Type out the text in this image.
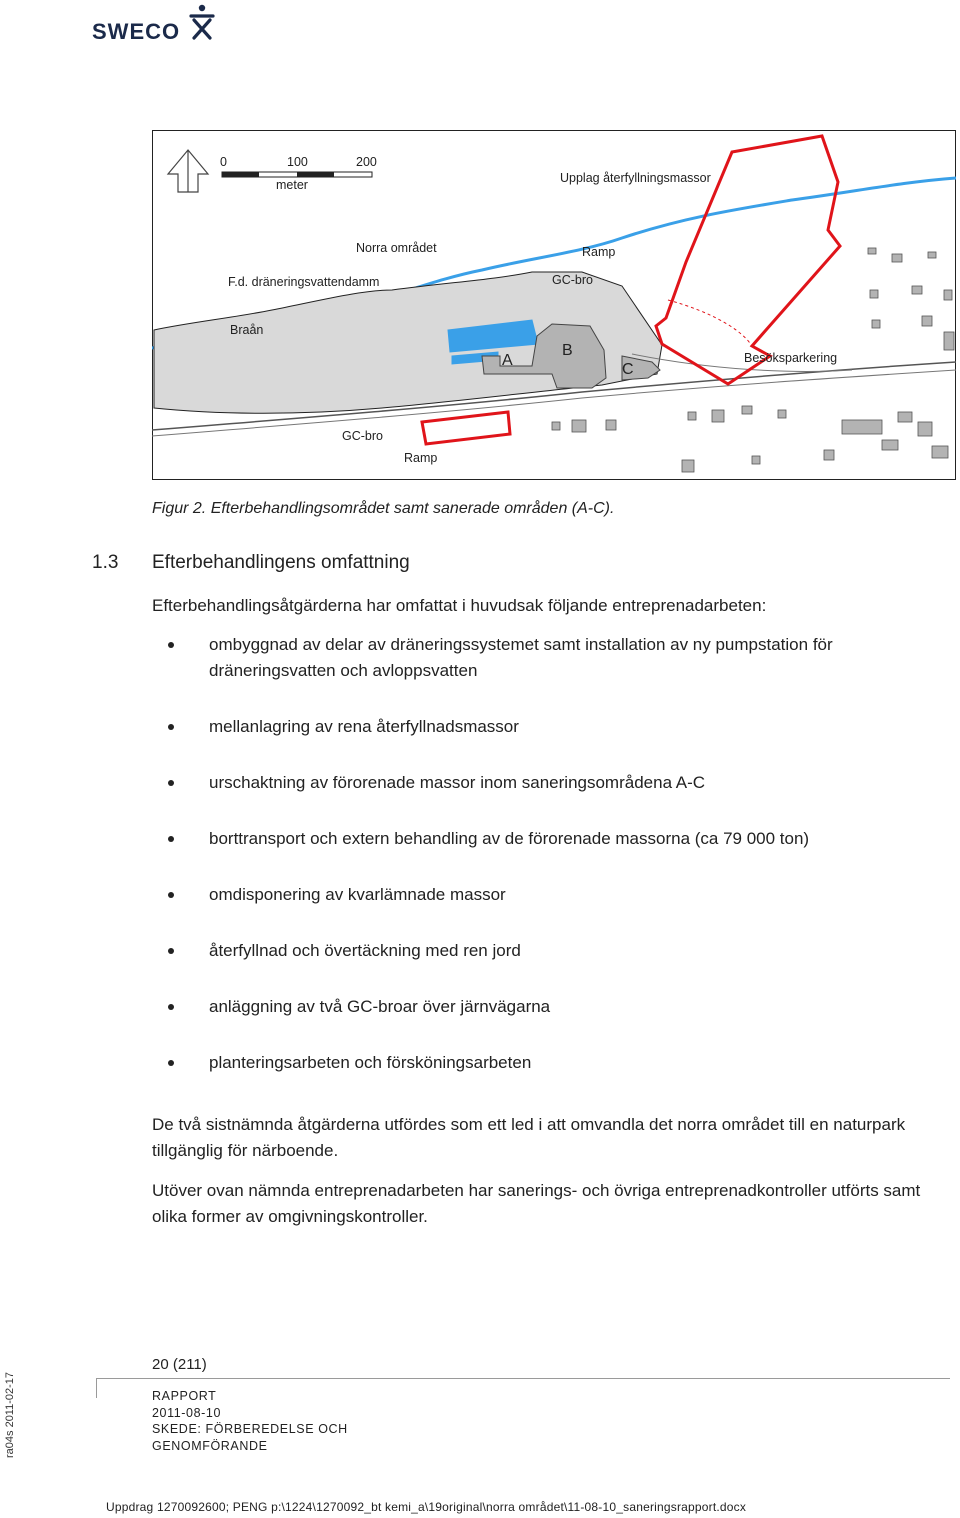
SWECO
0	100	200
meter
A
B
C
Upplag återfyllningsmassor
Norra området	Ramp
F.d. dräneringsvattendamm	GC-bro
Braån
Besöksparkering
GC-bro
Ramp
Figur 2. Efterbehandlingsområdet samt sanerade områden (A-C).
1.3 Efterbehandlingens omfattning
Efterbehandlingsåtgärderna har omfattat i huvudsak följande entreprenadarbeten:
ombyggnad av delar av dräneringssystemet samt installation av ny pumpstation för dräneringsvatten och avloppsvatten
mellanlagring av rena återfyllnadsmassor
urschaktning av förorenade massor inom saneringsområdena A-C
borttransport och extern behandling av de förorenade massorna (ca 79 000 ton)
omdisponering av kvarlämnade massor
återfyllnad och övertäckning med ren jord
anläggning av två GC-broar över järnvägarna
planteringsarbeten och försköningsarbeten
De två sistnämnda åtgärderna utfördes som ett led i att omvandla det norra området till en naturpark tillgänglig för närboende.
Utöver ovan nämnda entreprenadarbeten har sanerings- och övriga entreprenadkontroller utförts samt olika former av omgivningskontroller.
20 (211)
RAPPORT
2011-08-10
SKEDE: FÖRBEREDELSE OCH
GENOMFÖRANDE
ra04s 2011-02-17
Uppdrag 1270092600; PENG p:\1224\1270092_bt kemi_a\19original\norra området\11-08-10_saneringsrapport.docx
